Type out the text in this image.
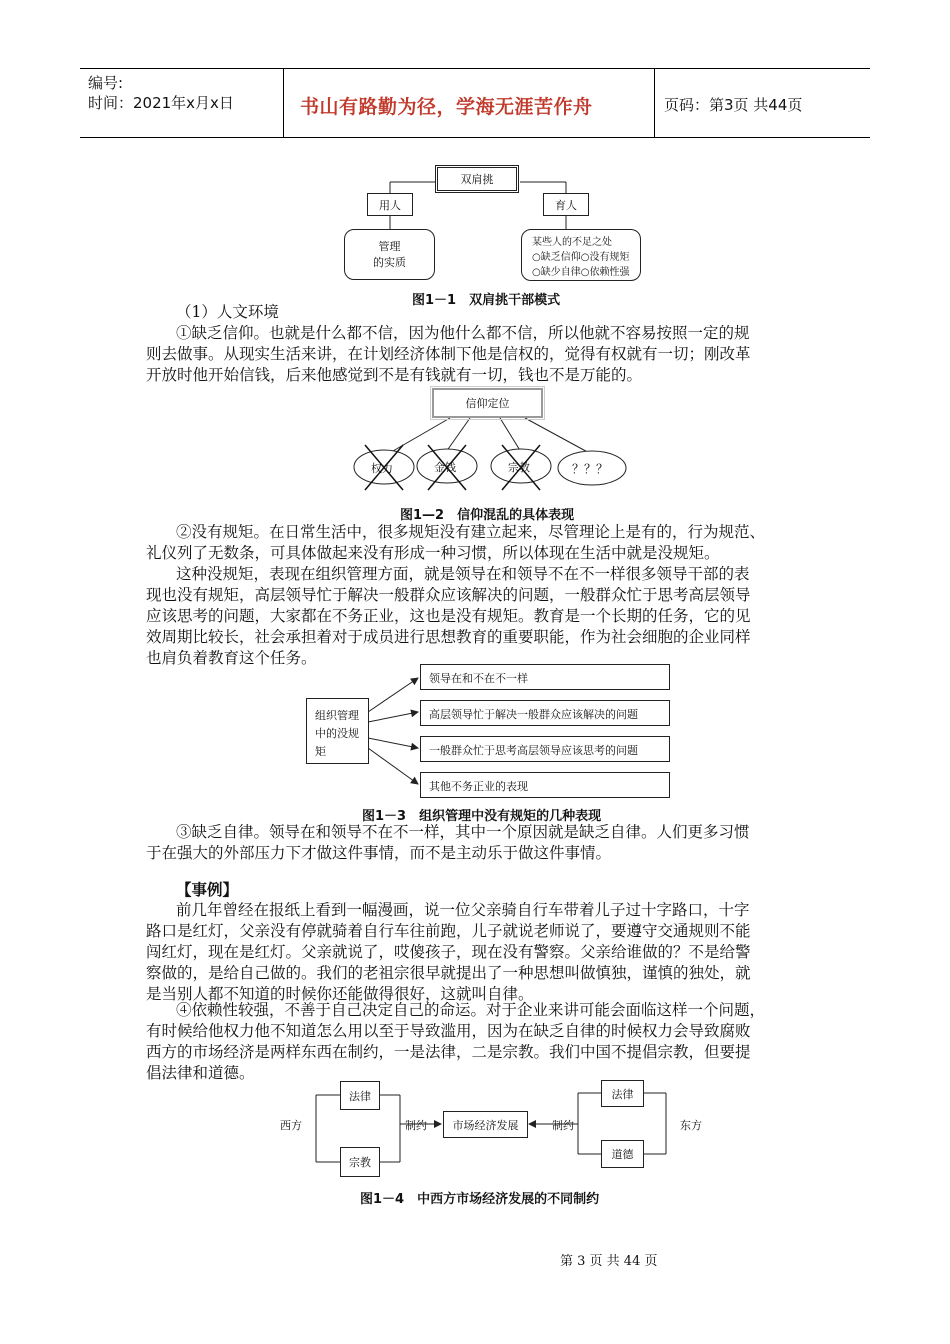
编号:
时间：2021年x月x日	书山有路勤为径，学海无涯苦作舟	页码：第3页 共44页
双肩挑
用人	育人
管理
的实质
某些人的不足之处
○缺乏信仰○没有规矩
○缺少自律○依赖性强
图1－1　双肩挑干部模式
（1）人文环境
①缺乏信仰。也就是什么都不信，因为他什么都不信，所以他就不容易按照一定的规
则去做事。从现实生活来讲，在计划经济体制下他是信权的，觉得有权就有一切；刚改革
开放时他开始信钱，后来他感觉到不是有钱就有一切，钱也不是万能的。
信仰定位
权力	金钱	宗教	？？？
图1—2　信仰混乱的具体表现
②没有规矩。在日常生活中，很多规矩没有建立起来，尽管理论上是有的，行为规范、
礼仪列了无数条，可具体做起来没有形成一种习惯，所以体现在生活中就是没规矩。
这种没规矩，表现在组织管理方面，就是领导在和领导不在不一样很多领导干部的表
现也没有规矩，高层领导忙于解决一般群众应该解决的问题，一般群众忙于思考高层领导
应该思考的问题，大家都在不务正业，这也是没有规矩。教育是一个长期的任务，它的见
效周期比较长，社会承担着对于成员进行思想教育的重要职能，作为社会细胞的企业同样
也肩负着教育这个任务。
组织管理
中的没规
矩
领导在和不在不一样
高层领导忙于解决一般群众应该解决的问题
一般群众忙于思考高层领导应该思考的问题
其他不务正业的表现
图1－3　组织管理中没有规矩的几种表现
③缺乏自律。领导在和领导不在不一样，其中一个原因就是缺乏自律。人们更多习惯
于在强大的外部压力下才做这件事情，而不是主动乐于做这件事情。
【事例】
前几年曾经在报纸上看到一幅漫画，说一位父亲骑自行车带着儿子过十字路口，十字
路口是红灯，父亲没有停就骑着自行车往前跑，儿子就说老师说了，要遵守交通规则不能
闯红灯，现在是红灯。父亲就说了，哎傻孩子，现在没有警察。父亲给谁做的？不是给警
察做的，是给自己做的。我们的老祖宗很早就提出了一种思想叫做慎独，谨慎的独处，就
是当别人都不知道的时候你还能做得很好，这就叫自律。
④依赖性较强，不善于自己决定自己的命运。对于企业来讲可能会面临这样一个问题，
有时候给他权力他不知道怎么用以至于导致滥用，因为在缺乏自律的时候权力会导致腐败
西方的市场经济是两样东西在制约，一是法律，二是宗教。我们中国不提倡宗教，但要提
倡法律和道德。
西方	东方
法律
宗教
制约 市场经济发展	制约
法律
道德
图1－4　中西方市场经济发展的不同制约
第 3 页 共 44 页
